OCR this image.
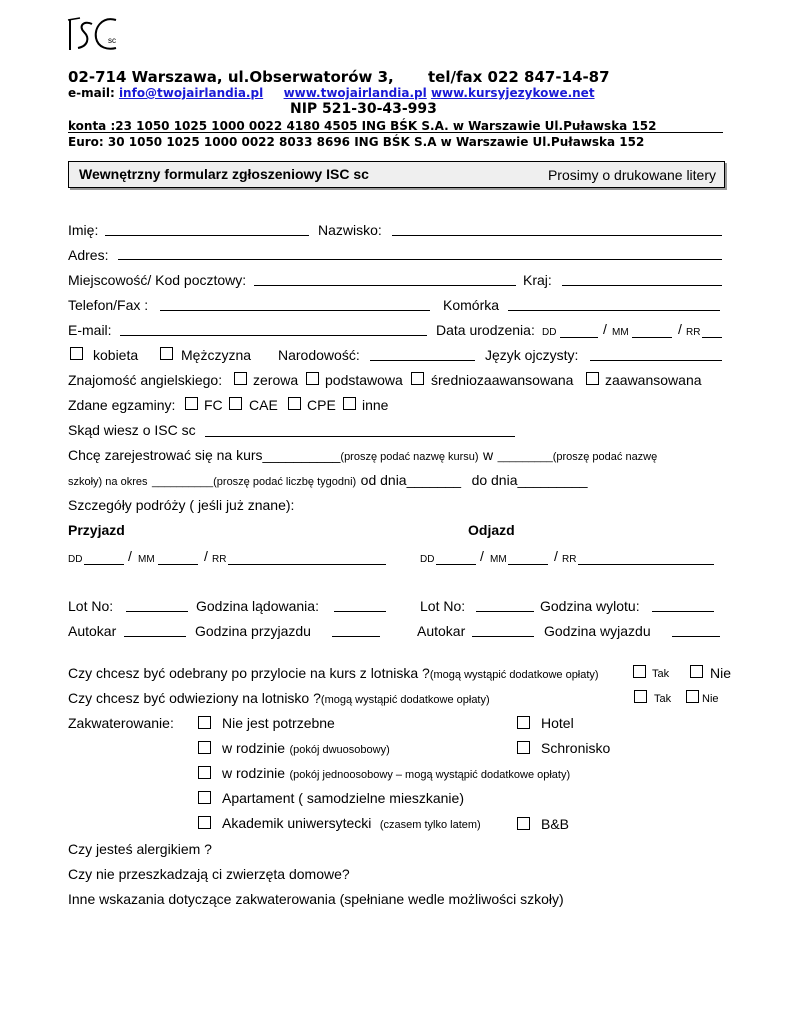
sc
02-714 Warszawa, ul.Obserwatorów 3, tel/fax 022 847-14-87
e-mail: info@twojairlandia.pl www.twojairlandia.pl www.kursyjezykowe.net
NIP 521-30-43-993
konta :23 1050 1025 1000 0022 4180 4505 ING BŚK S.A. w Warszawie Ul.Puławska 152
Euro: 30 1050 1025 1000 0022 8033 8696 ING BŚK S.A w Warszawie Ul.Puławska 152
Wewnętrzny formularz zgłoszeniowy ISC sc	Prosimy o drukowane litery
Imię:	Nazwisko:
Adres:
Miejscowość/ Kod pocztowy:	Kraj:
Telefon/Fax :	Komórka
E-mail:	Data urodzenia: DD	/ MM	/ RR
kobieta	Mężczyzna Narodowość:	Język ojczysty:
Znajomość angielskiego: zerowa podstawowa średniozaawansowana zaawansowana
Zdane egzaminy: FC CAE CPE inne
Skąd wiesz o ISC sc
Chcę zarejestrować się na kurs__________(proszę podać nazwę kursu) w _________(proszę podać nazwę
szkoły) na okres __________(proszę podać liczbę tygodni) od dnia_______ do dnia_________
Szczegóły podróży ( jeśli już znane):
Przyjazd	Odjazd
DD	/ MM	/ RR	DD	/ MM	/ RR
Lot No:	Godzina lądowania:	Lot No:	Godzina wylotu:
Autokar	Godzina przyjazdu	Autokar	Godzina wyjazdu
Czy chcesz być odebrany po przylocie na kurs z lotniska ?(mogą wystąpić dodatkowe opłaty)	Tak	Nie
Czy chcesz być odwieziony na lotnisko ?(mogą wystąpić dodatkowe opłaty)	Tak	Nie
Zakwaterowanie:	Nie jest potrzebne	Hotel
w rodzinie (pokój dwuosobowy)	Schronisko
w rodzinie (pokój jednoosobowy – mogą wystąpić dodatkowe opłaty)
Apartament ( samodzielne mieszkanie)
Akademik uniwersytecki (czasem tylko latem)	B&B
Czy jesteś alergikiem ?
Czy nie przeszkadzają ci zwierzęta domowe?
Inne wskazania dotyczące zakwaterowania (spełniane wedle możliwości szkoły)
